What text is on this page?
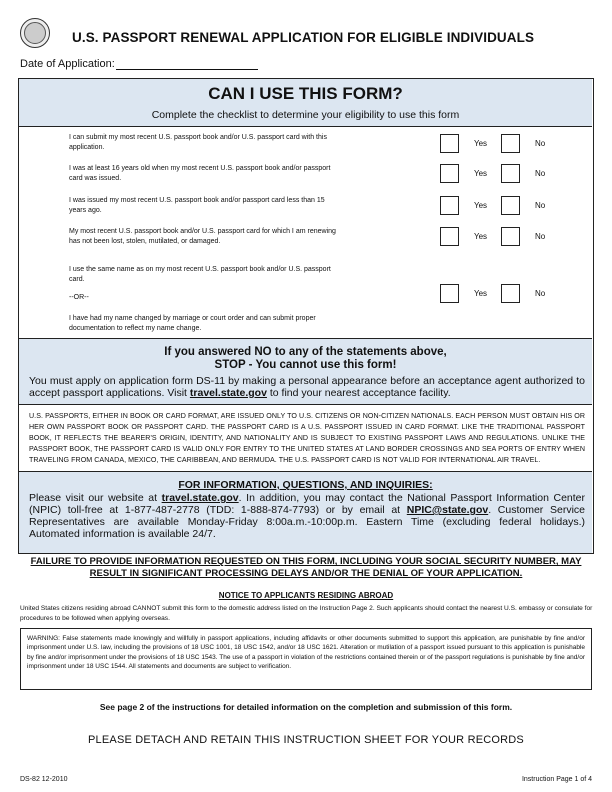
U.S. PASSPORT RENEWAL APPLICATION FOR ELIGIBLE INDIVIDUALS
Date of Application:
CAN I USE THIS FORM?
Complete the checklist to determine your eligibility to use this form
I can submit my most recent U.S. passport book and/or U.S. passport card with this application.	Yes	No
I was at least 16 years old when my most recent U.S. passport book and/or passport card was issued.
Yes	No
I was issued my most recent U.S. passport book and/or passport card less than 15 years ago.
Yes	No
My most recent U.S. passport book and/or U.S. passport card for which I am renewing has not been lost, stolen, mutilated, or damaged.
Yes	No
I use the same name as on my most recent U.S. passport book and/or U.S. passport card.
--OR--
I have had my name changed by marriage or court order and can submit proper documentation to reflect my name change.
Yes	No
If you answered NO to any of the statements above,
STOP - You cannot use this form!
You must apply on application form DS-11 by making a personal appearance before an acceptance agent authorized to accept passport applications. Visit travel.state.gov to find your nearest acceptance facility.

U.S. PASSPORTS, EITHER IN BOOK OR CARD FORMAT, ARE ISSUED ONLY TO U.S. CITIZENS OR NON-CITIZEN NATIONALS. EACH PERSON MUST OBTAIN HIS OR HER OWN PASSPORT BOOK OR PASSPORT CARD. THE PASSPORT CARD IS A U.S. PASSPORT ISSUED IN CARD FORMAT. LIKE THE TRADITIONAL PASSPORT BOOK, IT REFLECTS THE BEARER'S ORIGIN, IDENTITY, AND NATIONALITY AND IS SUBJECT TO EXISTING PASSPORT LAWS AND REGULATIONS. UNLIKE THE PASSPORT BOOK, THE PASSPORT CARD IS VALID ONLY FOR ENTRY TO THE UNITED STATES AT LAND BORDER CROSSINGS AND SEA PORTS OF ENTRY WHEN TRAVELING FROM CANADA, MEXICO, THE CARIBBEAN, AND BERMUDA. THE U.S. PASSPORT CARD IS NOT VALID FOR INTERNATIONAL AIR TRAVEL.

FOR INFORMATION, QUESTIONS, AND INQUIRIES:
Please visit our website at travel.state.gov. In addition, you may contact the National Passport Information Center (NPIC) toll-free at 1-877-487-2778 (TDD: 1-888-874-7793) or by email at NPIC@state.gov. Customer Service Representatives are available Monday-Friday 8:00a.m.-10:00p.m. Eastern Time (excluding federal holidays.) Automated information is available 24/7.
FAILURE TO PROVIDE INFORMATION REQUESTED ON THIS FORM, INCLUDING YOUR SOCIAL SECURITY NUMBER, MAY RESULT IN SIGNIFICANT PROCESSING DELAYS AND/OR THE DENIAL OF YOUR APPLICATION.
NOTICE TO APPLICANTS RESIDING ABROAD
United States citizens residing abroad CANNOT submit this form to the domestic address listed on the Instruction Page 2. Such applicants should contact the nearest U.S. embassy or consulate for procedures to be followed when applying overseas.

WARNING: False statements made knowingly and willfully in passport applications, including affidavits or other documents submitted to support this application, are punishable by fine and/or imprisonment under U.S. law, including the provisions of 18 USC 1001, 18 USC 1542, and/or 18 USC 1621. Alteration or mutilation of a passport issued pursuant to this application is punishable by fine and/or imprisonment under the provisions of 18 USC 1543. The use of a passport in violation of the restrictions contained therein or of the passport regulations is punishable by fine and/or imprisonment under 18 USC 1544. All statements and documents are subject to verification.

See page 2 of the instructions for detailed information on the completion and submission of this form.
PLEASE DETACH AND RETAIN THIS INSTRUCTION SHEET FOR YOUR RECORDS
DS-82 12-2010	Instruction Page 1 of 4
